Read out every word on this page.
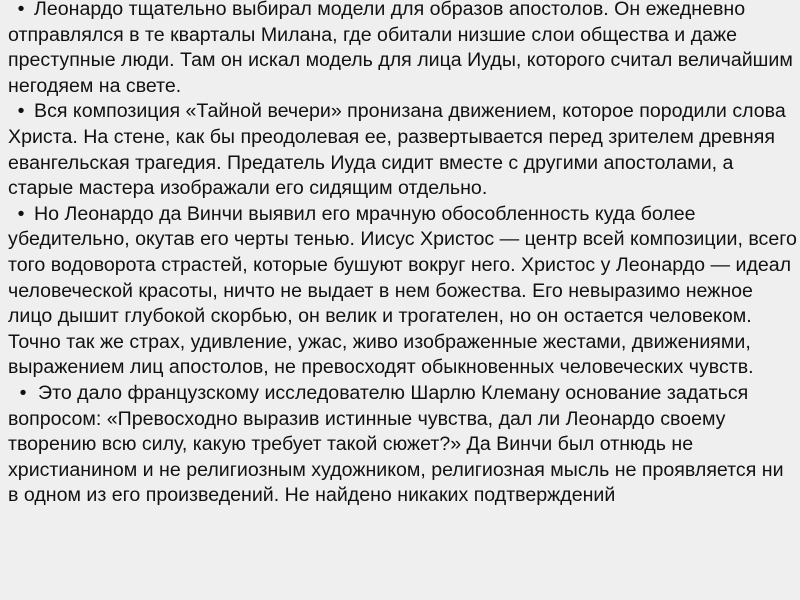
• Леонардо тщательно выбирал модели для образов апостолов. Он ежедневно отправлялся в те кварталы Милана, где обитали низшие слои общества и даже преступные люди. Там он искал модель для лица Иуды, которого считал величайшим негодяем на свете.

• Вся композиция «Тайной вечери» пронизана движением, которое породили слова Христа. На стене, как бы преодолевая ее, развертывается перед зрителем древняя евангельская трагедия. Предатель Иуда сидит вместе с другими апостолами, а старые мастера изображали его сидящим отдельно.

• Но Леонардо да Винчи выявил его мрачную обособленность куда более убедительно, окутав его черты тенью. Иисус Христос — центр всей композиции, всего того водоворота страстей, которые бушуют вокруг него. Христос у Леонардо — идеал человеческой красоты, ничто не выдает в нем божества. Его невыразимо нежное лицо дышит глубокой скорбью, он велик и трогателен, но он остается человеком. Точно так же страх, удивление, ужас, живо изображенные жестами, движениями, выражением лиц апостолов, не превосходят обыкновенных человеческих чувств.

• Это дало французскому исследователю Шарлю Клеману основание задаться вопросом: «Превосходно выразив истинные чувства, дал ли Леонардо своему творению всю силу, какую требует такой сюжет?» Да Винчи был отнюдь не христианином и не религиозным художником, религиозная мысль не проявляется ни в одном из его произведений. Не найдено никаких подтверждений
